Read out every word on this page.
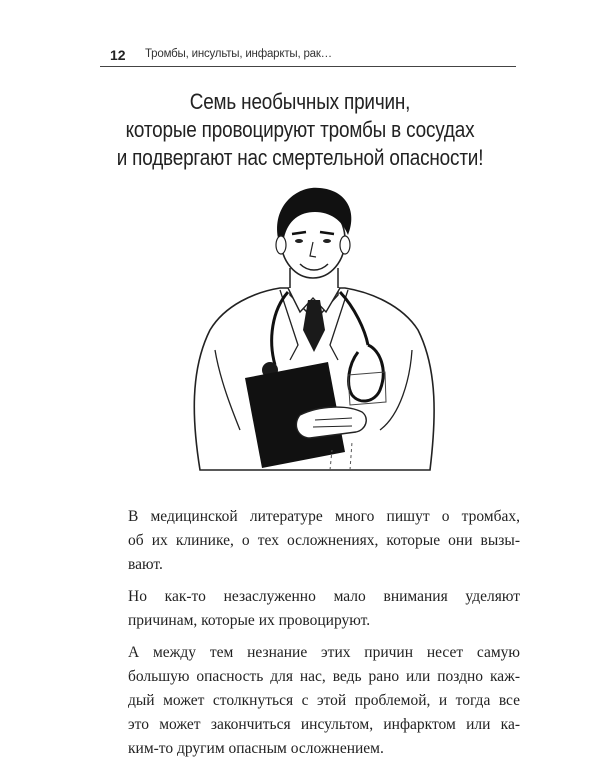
12 Тромбы, инсульты, инфаркты, рак…
Семь необычных причин,
которые провоцируют тромбы в сосудах
и подвергают нас смертельной опасности!

В медицинской литературе много пишут о тромбах,
об их клинике, о тех осложнениях, которые они вызы-
вают.

Но как-то незаслуженно мало внимания уделяют
причинам, которые их провоцируют.

А между тем незнание этих причин несет самую
большую опасность для нас, ведь рано или поздно каж-
дый может столкнуться с этой проблемой, и тогда все
это может закончиться инсультом, инфарктом или ка-
ким-то другим опасным осложнением.
